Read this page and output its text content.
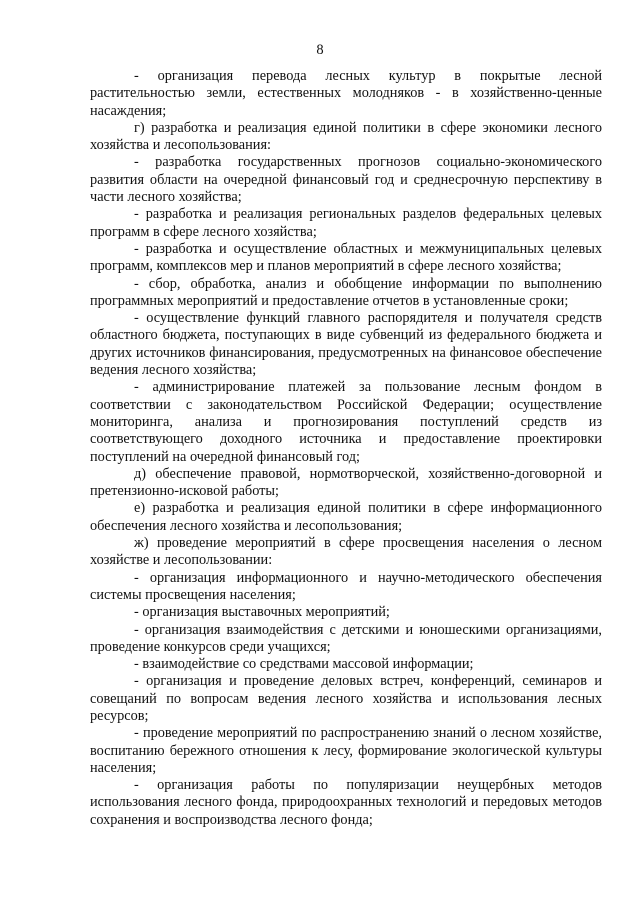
8

- организация перевода лесных культур в покрытые лесной растительностью земли, естественных молодняков - в хозяйственно-ценные насаждения;

г) разработка и реализация единой политики в сфере экономики лесного хозяйства и лесопользования:

- разработка государственных прогнозов социально-экономического развития области на очередной финансовый год и среднесрочную перспективу в части лесного хозяйства;

- разработка и реализация региональных разделов федеральных целевых программ в сфере лесного хозяйства;

- разработка и осуществление областных и межмуниципальных целевых программ, комплексов мер и планов мероприятий в сфере лесного хозяйства;

- сбор, обработка, анализ и обобщение информации по выполнению программных мероприятий и предоставление отчетов в установленные сроки;

- осуществление функций главного распорядителя и получателя средств областного бюджета, поступающих в виде субвенций из федерального бюджета и других источников финансирования, предусмотренных на финансовое обеспечение ведения лесного хозяйства;

- администрирование платежей за пользование лесным фондом в соответствии с законодательством Российской Федерации; осуществление мониторинга, анализа и прогнозирования поступлений средств из соответствующего доходного источника и предоставление проектировки поступлений на очередной финансовый год;

д) обеспечение правовой, нормотворческой, хозяйственно-договорной и претензионно-исковой работы;

е) разработка и реализация единой политики в сфере информационного обеспечения лесного хозяйства и лесопользования;

ж) проведение мероприятий в сфере просвещения населения о лесном хозяйстве и лесопользовании:

- организация информационного и научно-методического обеспечения системы просвещения населения;

- организация выставочных мероприятий;

- организация взаимодействия с детскими и юношескими организациями, проведение конкурсов среди учащихся;

- взаимодействие со средствами массовой информации;

- организация и проведение деловых встреч, конференций, семинаров и совещаний по вопросам ведения лесного хозяйства и использования лесных ресурсов;

- проведение мероприятий по распространению знаний о лесном хозяйстве, воспитанию бережного отношения к лесу, формирование экологической культуры населения;

- организация работы по популяризации неущербных методов использования лесного фонда, природоохранных технологий и передовых методов сохранения и воспроизводства лесного фонда;
